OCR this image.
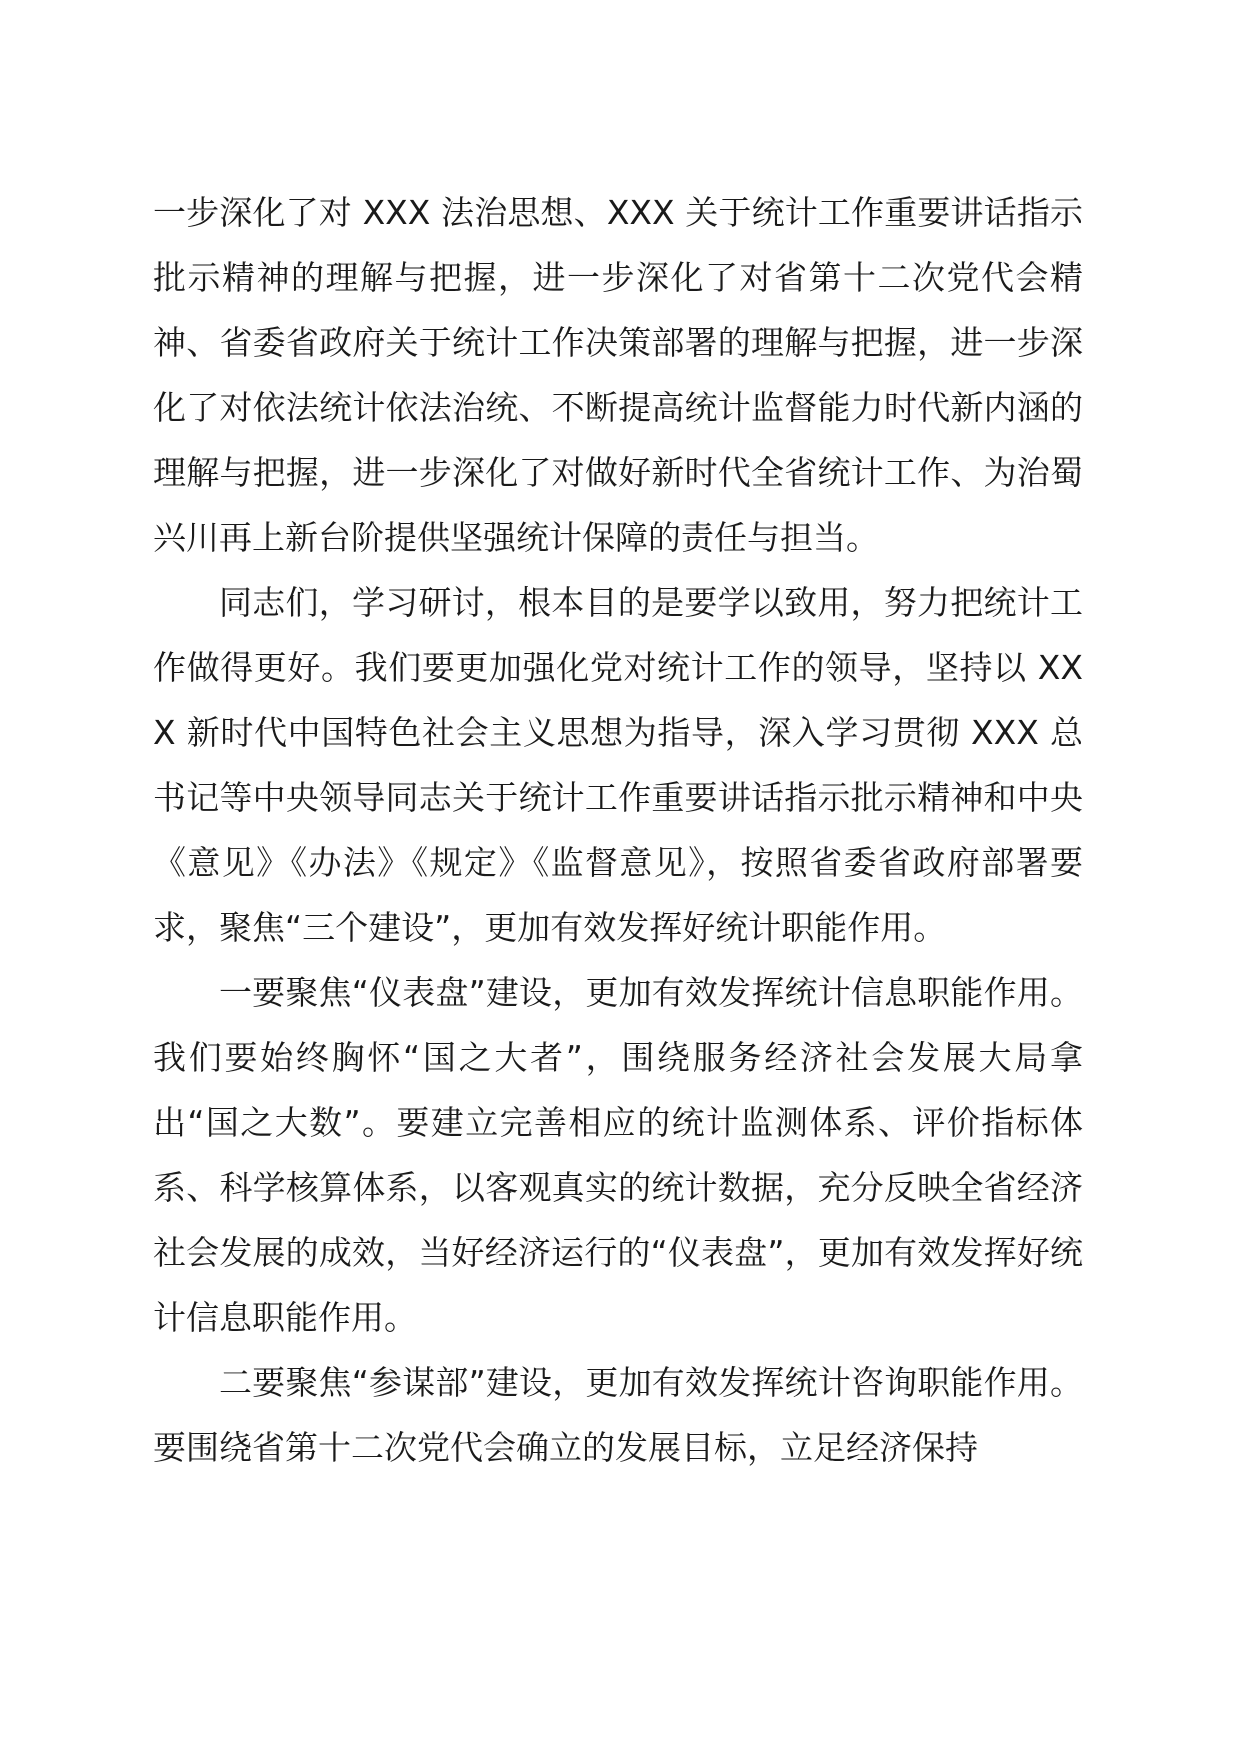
一步深化了对 XXX 法治思想、XXX 关于统计工作重要讲话指示批示精神的理解与把握，进一步深化了对省第十二次党代会精神、省委省政府关于统计工作决策部署的理解与把握，进一步深化了对依法统计依法治统、不断提高统计监督能力时代新内涵的理解与把握，进一步深化了对做好新时代全省统计工作、为治蜀兴川再上新台阶提供坚强统计保障的责任与担当。

同志们，学习研讨，根本目的是要学以致用，努力把统计工作做得更好。我们要更加强化党对统计工作的领导，坚持以 XXX 新时代中国特色社会主义思想为指导，深入学习贯彻 XXX 总书记等中央领导同志关于统计工作重要讲话指示批示精神和中央《意见》《办法》《规定》《监督意见》，按照省委省政府部署要求，聚焦“三个建设”，更加有效发挥好统计职能作用。

一要聚焦“仪表盘”建设，更加有效发挥统计信息职能作用。我们要始终胸怀“国之大者”，围绕服务经济社会发展大局拿出“国之大数”。要建立完善相应的统计监测体系、评价指标体系、科学核算体系，以客观真实的统计数据，充分反映全省经济社会发展的成效，当好经济运行的“仪表盘”，更加有效发挥好统计信息职能作用。

二要聚焦“参谋部”建设，更加有效发挥统计咨询职能作用。要围绕省第十二次党代会确立的发展目标，立足经济保持
